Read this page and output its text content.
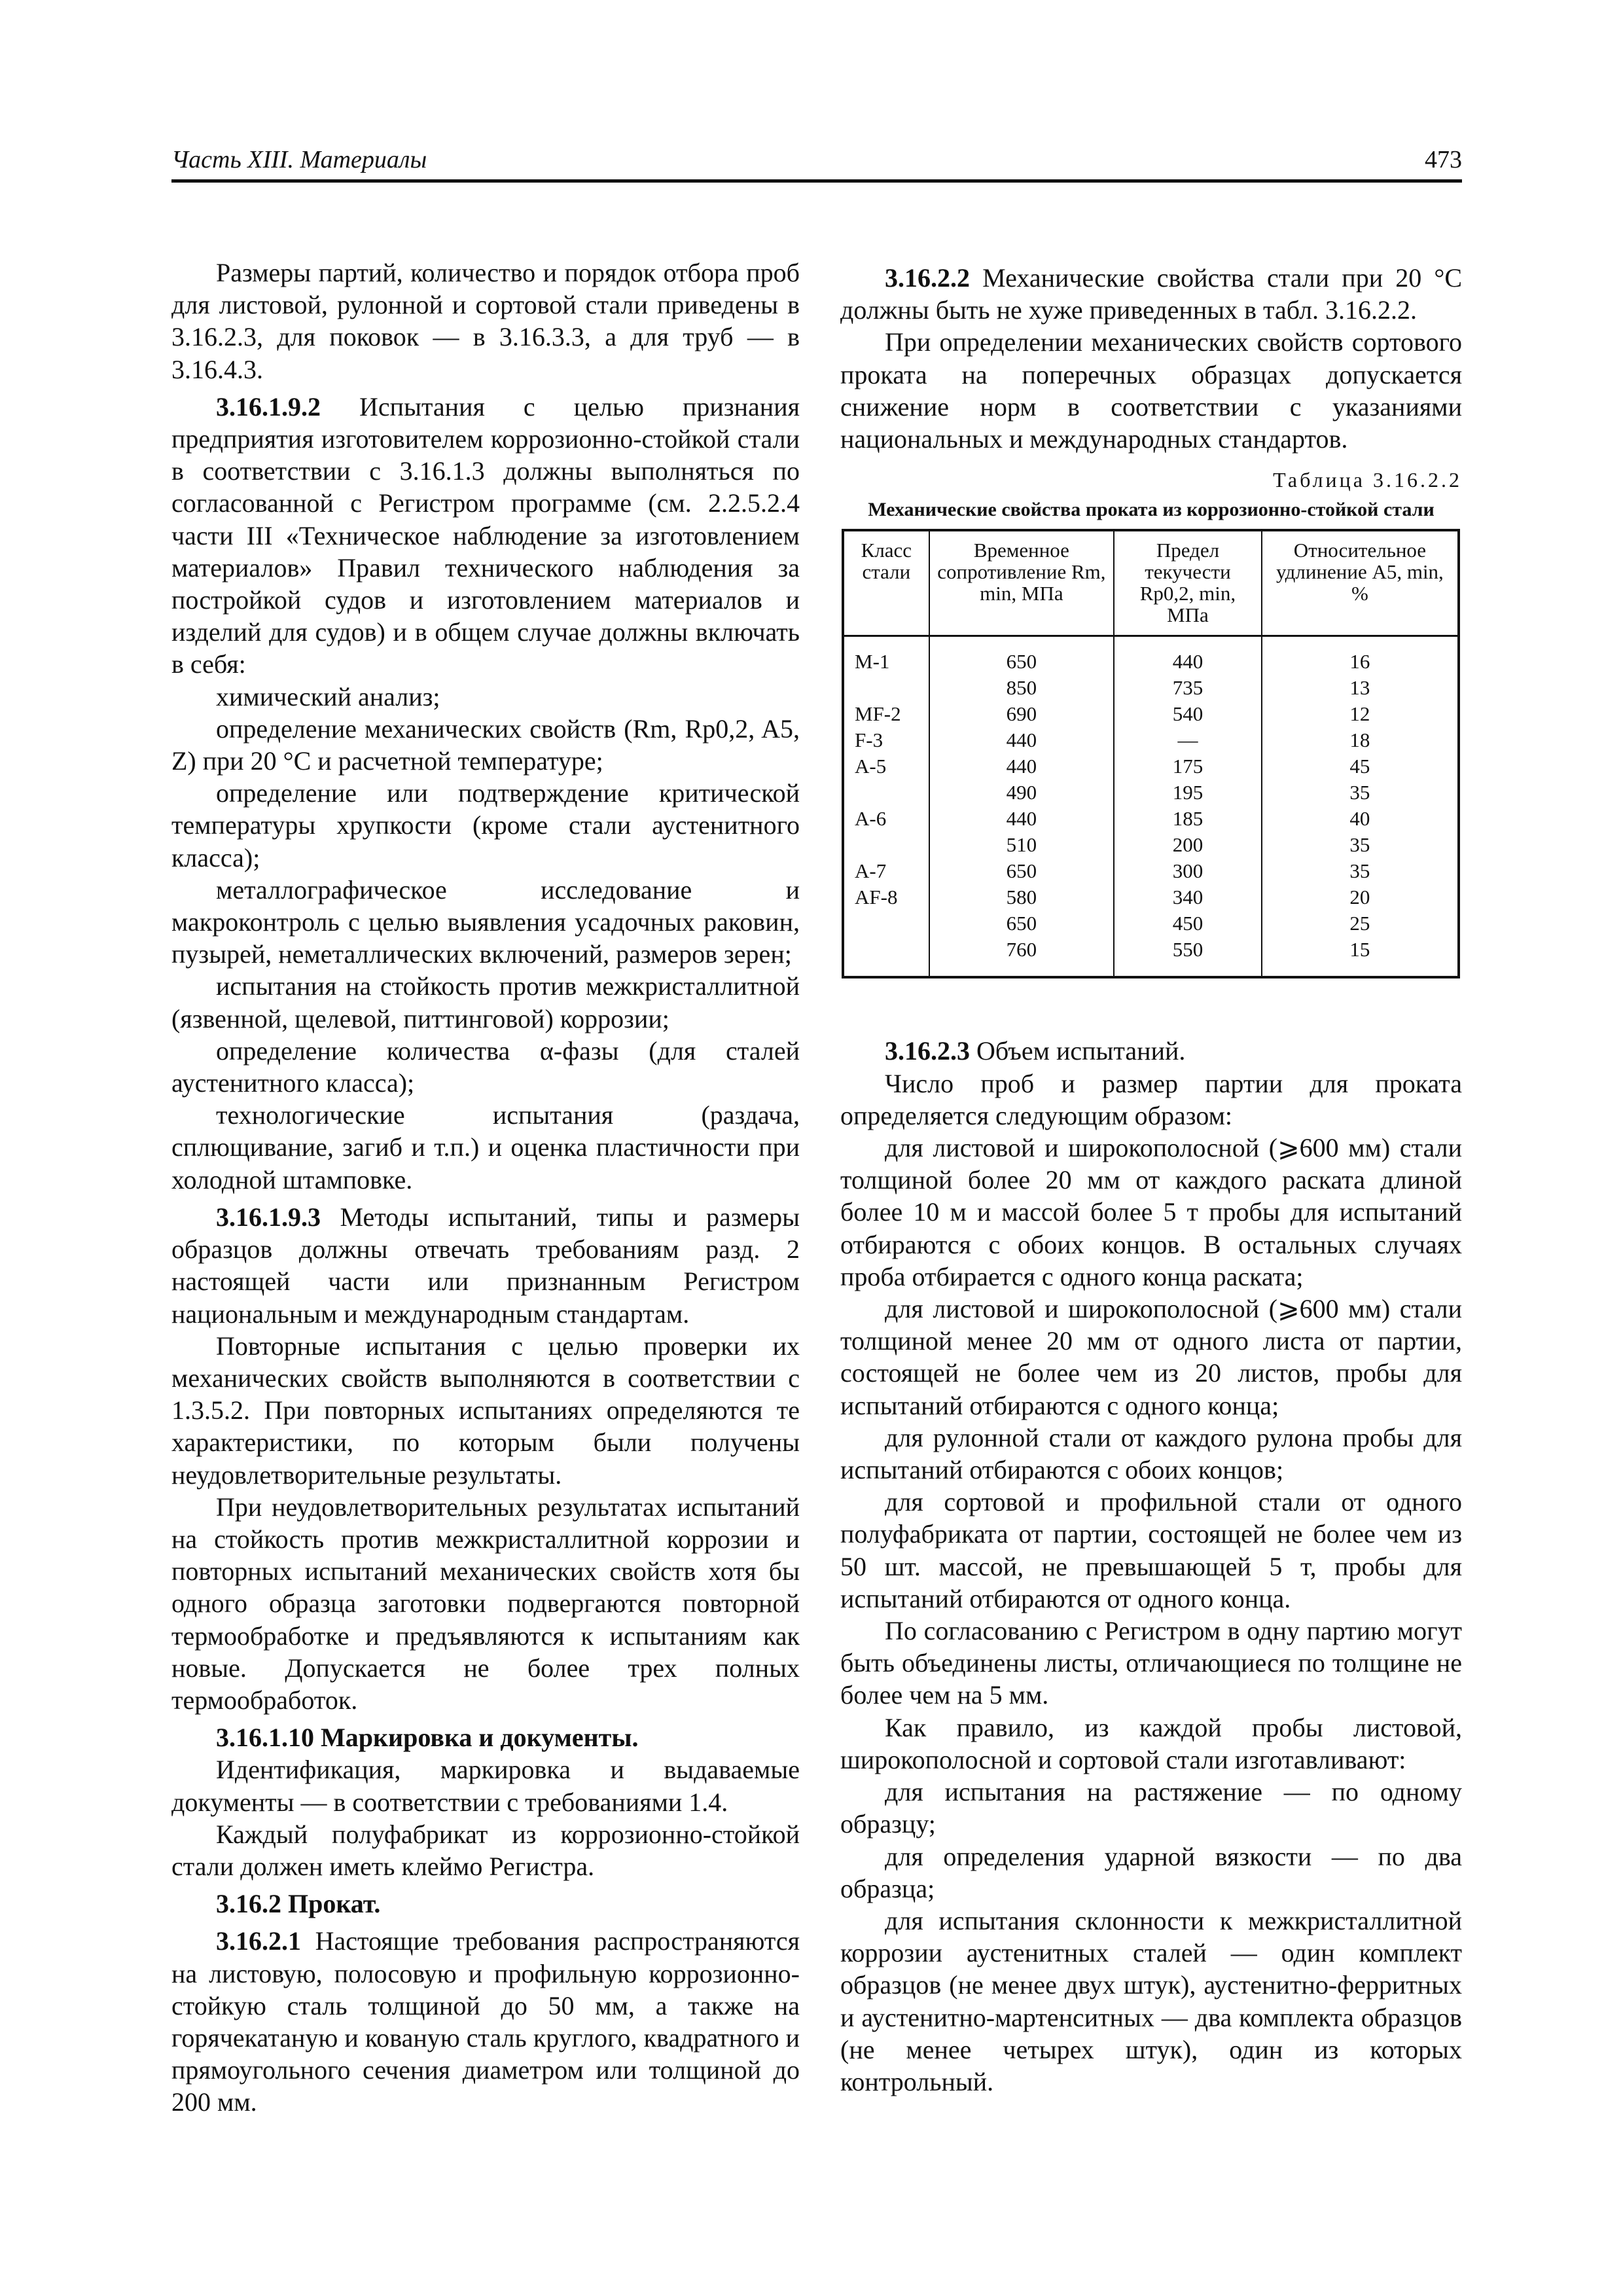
Часть XIII. Материалы	473

Размеры партий, количество и порядок отбора проб для листовой, рулонной и сортовой стали приведены в 3.16.2.3, для поковок — в 3.16.3.3, а для труб — в 3.16.4.3.

3.16.1.9.2 Испытания с целью признания предприятия изготовителем коррозионно-стойкой стали в соответствии с 3.16.1.3 должны выполняться по согласованной с Регистром программе (см. 2.2.5.2.4 части III «Техническое наблюдение за изготовлением материалов» Правил технического наблюдения за постройкой судов и изготовлением материалов и изделий для судов) и в общем случае должны включать в себя:

химический анализ;

определение механических свойств (Rm, Rp0,2, A5, Z) при 20 °C и расчетной температуре;

определение или подтверждение критической температуры хрупкости (кроме стали аустенитного класса);

металлографическое исследование и макроконтроль с целью выявления усадочных раковин, пузырей, неметаллических включений, размеров зерен;

испытания на стойкость против межкристаллитной (язвенной, щелевой, питтинговой) коррозии;

определение количества α-фазы (для сталей аустенитного класса);

технологические испытания (раздача, сплющивание, загиб и т.п.) и оценка пластичности при холодной штамповке.

3.16.1.9.3 Методы испытаний, типы и размеры образцов должны отвечать требованиям разд. 2 настоящей части или признанным Регистром национальным и международным стандартам.

Повторные испытания с целью проверки их механических свойств выполняются в соответствии с 1.3.5.2. При повторных испытаниях определяются те характеристики, по которым были получены неудовлетворительные результаты.

При неудовлетворительных результатах испытаний на стойкость против межкристаллитной коррозии и повторных испытаний механических свойств хотя бы одного образца заготовки подвергаются повторной термообработке и предъявляются к испытаниям как новые. Допускается не более трех полных термообработок.

3.16.1.10 Маркировка и документы.

Идентификация, маркировка и выдаваемые документы — в соответствии с требованиями 1.4.

Каждый полуфабрикат из коррозионно-стойкой стали должен иметь клеймо Регистра.

3.16.2 Прокат.

3.16.2.1 Настоящие требования распространяются на листовую, полосовую и профильную коррозионно-стойкую сталь толщиной до 50 мм, а также на горячекатаную и кованую сталь круглого, квадратного и прямоугольного сечения диаметром или толщиной до 200 мм.

3.16.2.2 Механические свойства стали при 20 °C должны быть не хуже приведенных в табл. 3.16.2.2.

При определении механических свойств сортового проката на поперечных образцах допускается снижение норм в соответствии с указаниями национальных и международных стандартов.

Таблица 3.16.2.2
Механические свойства проката из коррозионно-стойкой стали
Класс стали	Временное сопротивление Rm, min, МПа	Предел текучести Rp0,2, min, МПа	Относительное удлинение A5, min, %
M-1	650	440	16
	850	735	13
MF-2	690	540	12
F-3	440	—	18
A-5	440	175	45
	490	195	35
A-6	440	185	40
	510	200	35
A-7	650	300	35
AF-8	580	340	20
	650	450	25
	760	550	15

3.16.2.3 Объем испытаний.

Число проб и размер партии для проката определяется следующим образом:

для листовой и широкополосной (⩾600 мм) стали толщиной более 20 мм от каждого раската длиной более 10 м и массой более 5 т пробы для испытаний отбираются с обоих концов. В остальных случаях проба отбирается с одного конца раската;

для листовой и широкополосной (⩾600 мм) стали толщиной менее 20 мм от одного листа от партии, состоящей не более чем из 20 листов, пробы для испытаний отбираются с одного конца;

для рулонной стали от каждого рулона пробы для испытаний отбираются с обоих концов;

для сортовой и профильной стали от одного полуфабриката от партии, состоящей не более чем из 50 шт. массой, не превышающей 5 т, пробы для испытаний отбираются от одного конца.

По согласованию с Регистром в одну партию могут быть объединены листы, отличающиеся по толщине не более чем на 5 мм.

Как правило, из каждой пробы листовой, широкополосной и сортовой стали изготавливают:

для испытания на растяжение — по одному образцу;

для определения ударной вязкости — по два образца;

для испытания склонности к межкристаллитной коррозии аустенитных сталей — один комплект образцов (не менее двух штук), аустенитно-ферритных и аустенитно-мартенситных — два комплекта образцов (не менее четырех штук), один из которых контрольный.
